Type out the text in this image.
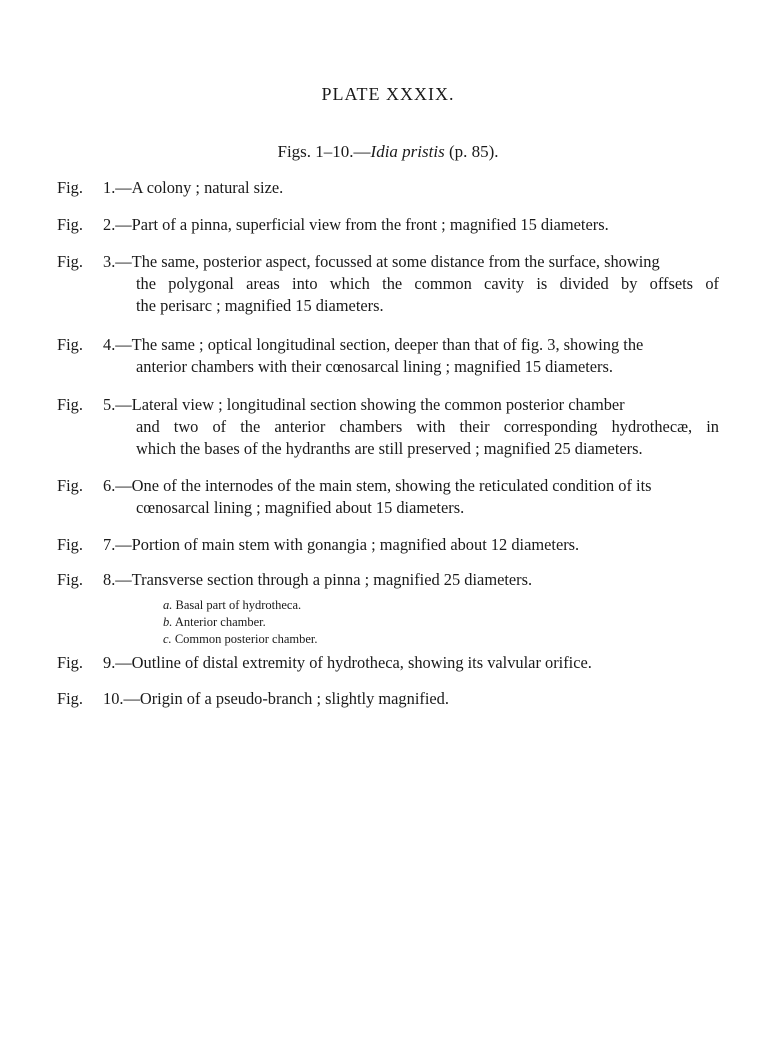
PLATE XXXIX.
Figs. 1–10.—Idia pristis (p. 85).
Fig. 1.—A colony ; natural size.
Fig. 2.—Part of a pinna, superficial view from the front ; magnified 15 diameters.
Fig. 3.—The same, posterior aspect, focussed at some distance from the surface, showing
the polygonal areas into which the common cavity is divided by offsets of
the perisarc ; magnified 15 diameters.
Fig. 4.—The same ; optical longitudinal section, deeper than that of fig. 3, showing the
anterior chambers with their cœnosarcal lining ; magnified 15 diameters.
Fig. 5.—Lateral view ; longitudinal section showing the common posterior chamber
and two of the anterior chambers with their corresponding hydrothecæ, in
which the bases of the hydranths are still preserved ; magnified 25 diameters.
Fig. 6.—One of the internodes of the main stem, showing the reticulated condition of its
cœnosarcal lining ; magnified about 15 diameters.
Fig. 7.—Portion of main stem with gonangia ; magnified about 12 diameters.
Fig. 8.—Transverse section through a pinna ; magnified 25 diameters.
a. Basal part of hydrotheca.
b. Anterior chamber.
c. Common posterior chamber.
Fig. 9.—Outline of distal extremity of hydrotheca, showing its valvular orifice.
Fig. 10.—Origin of a pseudo-branch ; slightly magnified.
